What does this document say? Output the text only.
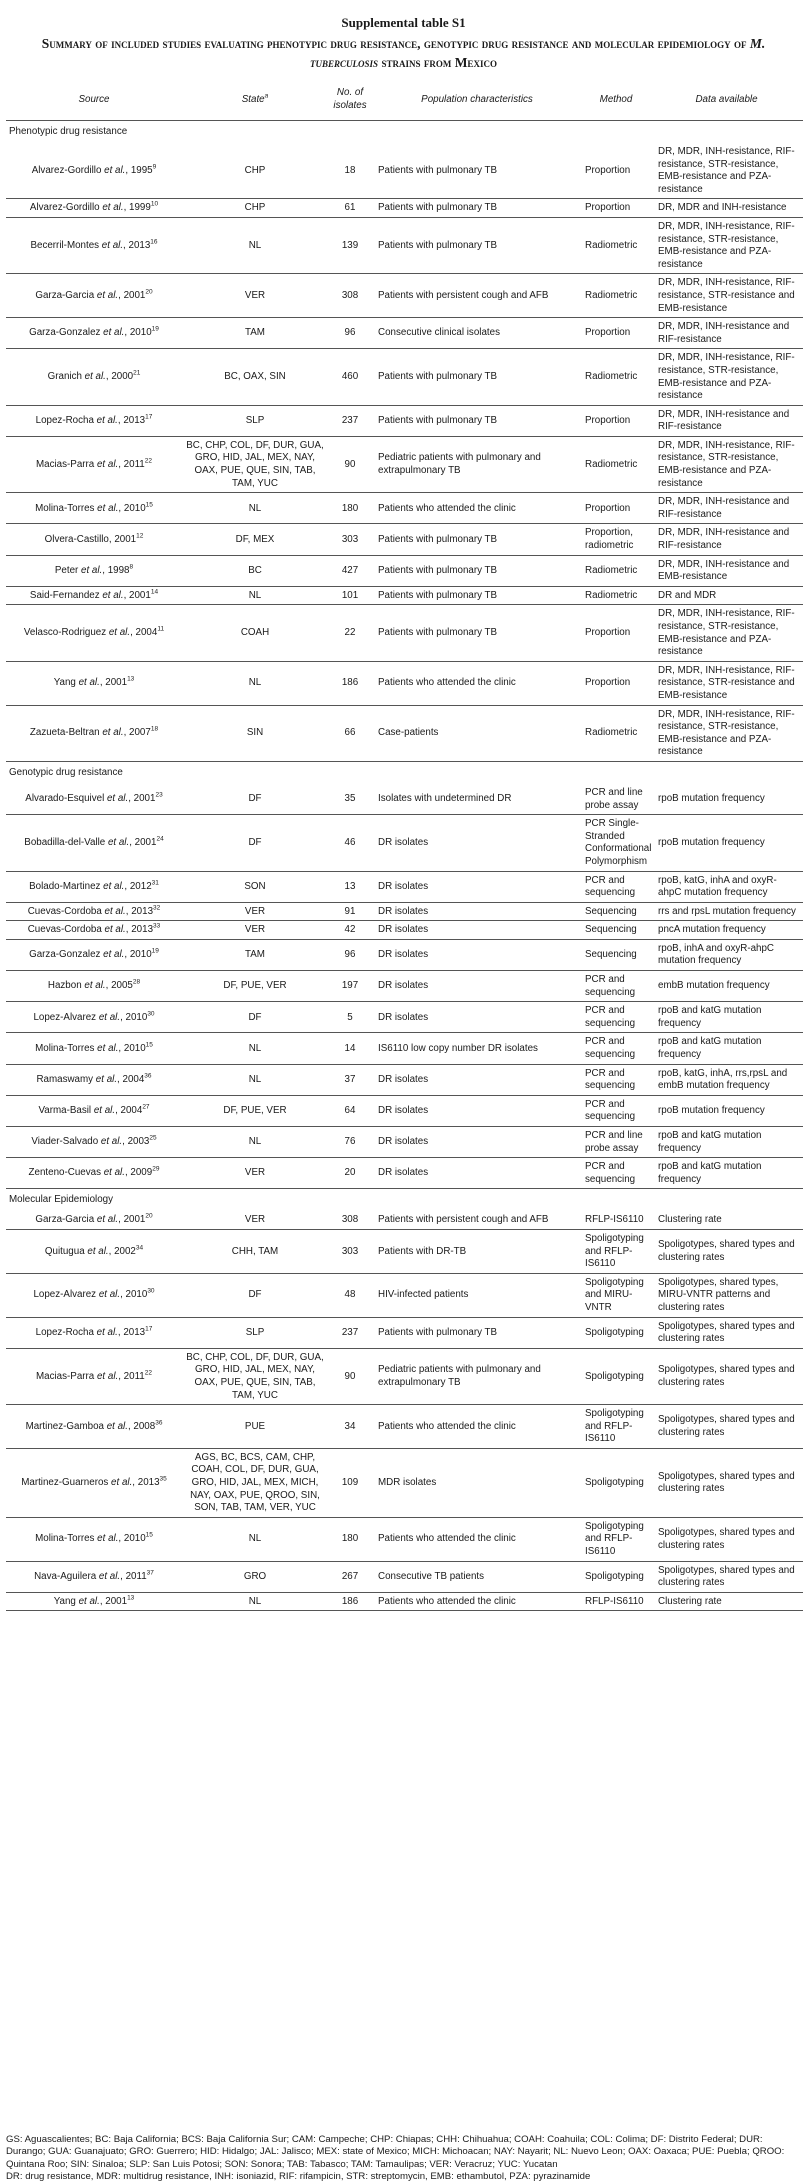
Supplemental table S1
Summary of included studies evaluating phenotypic drug resistance, genotypic drug resistance and molecular epidemiology of M. tuberculosis strains from Mexico
Source	State$^a$	No. of isolates	Population characteristics	Method	Data available
Phenotypic drug resistance					
Alvarez-Gordillo et al., 1995$^9$	CHP	18	Patients with pulmonary TB	Proportion	DR, MDR, INH-resistance, RIF-resistance, STR-resistance, EMB-resistance and PZA-resistance
Alvarez-Gordillo et al., 1999$^{10}$	CHP	61	Patients with pulmonary TB	Proportion	DR, MDR and INH-resistance
Becerril-Montes et al., 2013$^{16}$	NL	139	Patients with pulmonary TB	Radiometric	DR, MDR, INH-resistance, RIF-resistance, STR-resistance, EMB-resistance and PZA-resistance
Garza-Garcia et al., 2001$^{20}$	VER	308	Patients with persistent cough and AFB	Radiometric	DR, MDR, INH-resistance, RIF-resistance, STR-resistance and EMB-resistance
Garza-Gonzalez et al., 2010$^{19}$	TAM	96	Consecutive clinical isolates	Proportion	DR, MDR, INH-resistance and RIF-resistance
Granich et al., 2000$^{21}$	BC, OAX, SIN	460	Patients with pulmonary TB	Radiometric	DR, MDR, INH-resistance, RIF-resistance, STR-resistance, EMB-resistance and PZA-resistance
Lopez-Rocha et al., 2013$^{17}$	SLP	237	Patients with pulmonary TB	Proportion	DR, MDR, INH-resistance and RIF-resistance
Macias-Parra et al., 2011$^{22}$	BC, CHP, COL, DF, DUR, GUA, GRO, HID, JAL, MEX, NAY, OAX, PUE, QUE, SIN, TAB, TAM, YUC	90	Pediatric patients with pulmonary and extrapulmonary TB	Radiometric	DR, MDR, INH-resistance, RIF-resistance, STR-resistance, EMB-resistance and PZA-resistance
Molina-Torres et al., 2010$^{15}$	NL	180	Patients who attended the clinic	Proportion	DR, MDR, INH-resistance and RIF-resistance
Olvera-Castillo, 2001$^{12}$	DF, MEX	303	Patients with pulmonary TB	Proportion, radiometric	DR, MDR, INH-resistance and RIF-resistance
Peter et al., 1998$^8$	BC	427	Patients with pulmonary TB	Radiometric	DR, MDR, INH-resistance and EMB-resistance
Said-Fernandez et al., 2001$^{14}$	NL	101	Patients with pulmonary TB	Radiometric	DR and MDR
Velasco-Rodriguez et al., 2004$^{11}$	COAH	22	Patients with pulmonary TB	Proportion	DR, MDR, INH-resistance, RIF-resistance, STR-resistance, EMB-resistance and PZA-resistance
Yang et al., 2001$^{13}$	NL	186	Patients who attended the clinic	Proportion	DR, MDR, INH-resistance, RIF-resistance, STR-resistance and EMB-resistance
Zazueta-Beltran et al., 2007$^{18}$	SIN	66	Case-patients	Radiometric	DR, MDR, INH-resistance, RIF-resistance, STR-resistance, EMB-resistance and PZA-resistance
Genotypic drug resistance					
Alvarado-Esquivel et al., 2001$^{23}$	DF	35	Isolates with undetermined DR	PCR and line probe assay	rpoB mutation frequency
Bobadilla-del-Valle et al., 2001$^{24}$	DF	46	DR isolates	PCR Single-Stranded Conformational Polymorphism	rpoB mutation frequency
Bolado-Martinez et al., 2012$^{31}$	SON	13	DR isolates	PCR and sequencing	rpoB, katG, inhA and oxyR-ahpC mutation frequency
Cuevas-Cordoba et al., 2013$^{32}$	VER	91	DR isolates	Sequencing	rrs and rpsL mutation frequency
Cuevas-Cordoba et al., 2013$^{33}$	VER	42	DR isolates	Sequencing	pncA mutation frequency
Garza-Gonzalez et al., 2010$^{19}$	TAM	96	DR isolates	Sequencing	rpoB, inhA and oxyR-ahpC mutation frequency
Hazbon et al., 2005$^{28}$	DF, PUE, VER	197	DR isolates	PCR and sequencing	embB mutation frequency
Lopez-Alvarez et al., 2010$^{30}$	DF	5	DR isolates	PCR and sequencing	rpoB and katG mutation frequency
Molina-Torres et al., 2010$^{15}$	NL	14	IS6110 low copy number DR isolates	PCR and sequencing	rpoB and katG mutation frequency
Ramaswamy et al., 2004$^{36}$	NL	37	DR isolates	PCR and sequencing	rpoB, katG, inhA, rrs,rpsL and embB mutation frequency
Varma-Basil et al., 2004$^{27}$	DF, PUE, VER	64	DR isolates	PCR and sequencing	rpoB mutation frequency
Viader-Salvado et al., 2003$^{25}$	NL	76	DR isolates	PCR and line probe assay	rpoB and katG mutation frequency
Zenteno-Cuevas et al., 2009$^{29}$	VER	20	DR isolates	PCR and sequencing	rpoB and katG mutation frequency
Molecular Epidemiology					
Garza-Garcia et al., 2001$^{20}$	VER	308	Patients with persistent cough and AFB	RFLP-IS6110	Clustering rate
Quitugua et al., 2002$^{34}$	CHH, TAM	303	Patients with DR-TB	Spoligotyping and RFLP-IS6110	Spoligotypes, shared types and clustering rates
Lopez-Alvarez et al., 2010$^{30}$	DF	48	HIV-infected patients	Spoligotyping and MIRU-VNTR	Spoligotypes, shared types, MIRU-VNTR patterns and clustering rates
Lopez-Rocha et al., 2013$^{17}$	SLP	237	Patients with pulmonary TB	Spoligotyping	Spoligotypes, shared types and clustering rates
Macias-Parra et al., 2011$^{22}$	BC, CHP, COL, DF, DUR, GUA, GRO, HID, JAL, MEX, NAY, OAX, PUE, QUE, SIN, TAB, TAM, YUC	90	Pediatric patients with pulmonary and extrapulmonary TB	Spoligotyping	Spoligotypes, shared types and clustering rates
Martinez-Gamboa et al., 2008$^{36}$	PUE	34	Patients who attended the clinic	Spoligotyping and RFLP-IS6110	Spoligotypes, shared types and clustering rates
Martinez-Guarneros et al., 2013$^{35}$	AGS, BC, BCS, CAM, CHP, COAH, COL, DF, DUR, GUA, GRO, HID, JAL, MEX, MICH, NAY, OAX, PUE, QROO, SIN, SON, TAB, TAM, VER, YUC	109	MDR isolates	Spoligotyping	Spoligotypes, shared types and clustering rates
Molina-Torres et al., 2010$^{15}$	NL	180	Patients who attended the clinic	Spoligotyping and RFLP-IS6110	Spoligotypes, shared types and clustering rates
Nava-Aguilera et al., 2011$^{37}$	GRO	267	Consecutive TB patients	Spoligotyping	Spoligotypes, shared types and clustering rates
Yang et al., 2001$^{13}$	NL	186	Patients who attended the clinic	RFLP-IS6110	Clustering rate
GS: Aguascalientes; BC: Baja California; BCS: Baja California Sur; CAM: Campeche; CHP: Chiapas; CHH: Chihuahua; COAH: Coahuila; COL: Colima; DF: Distrito Federal; DUR: Durango; GUA: Guanajuato; GRO: Guerrero; HID: Hidalgo; JAL: Jalisco; MEX: state of Mexico; MICH: Michoacan; NAY: Nayarit; NL: Nuevo Leon; OAX: Oaxaca; PUE: Puebla; QROO: Quintana Roo; SIN: Sinaloa; SLP: San Luis Potosi; SON: Sonora; TAB: Tabasco; TAM: Tamaulipas; VER: Veracruz; YUC: Yucatan
DR: drug resistance, MDR: multidrug resistance, INH: isoniazid, RIF: rifampicin, STR: streptomycin, EMB: ethambutol, PZA: pyrazinamide
